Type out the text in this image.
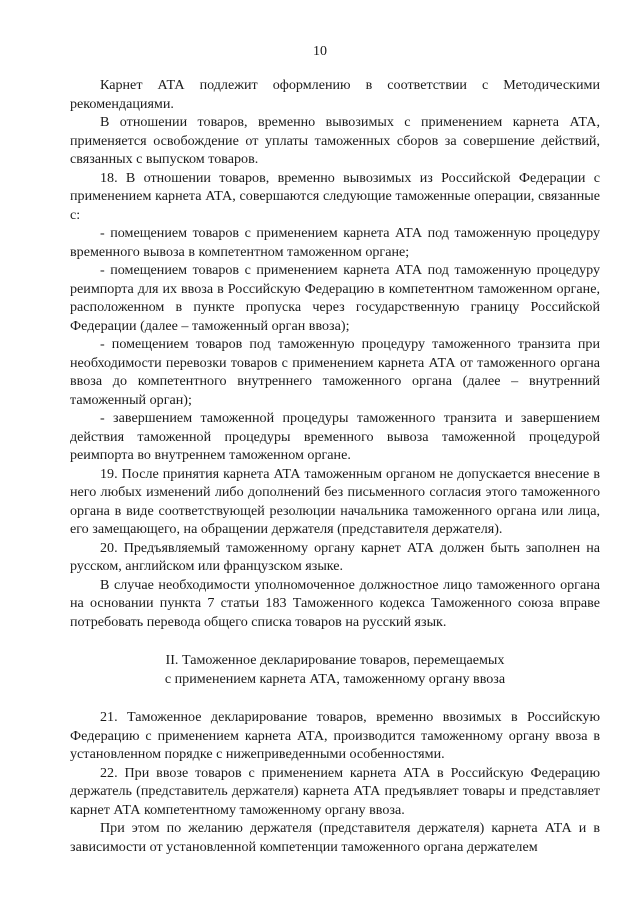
10

Карнет АТА подлежит оформлению в соответствии с Методическими рекомендациями.

В отношении товаров, временно вывозимых с применением карнета АТА, применяется освобождение от уплаты таможенных сборов за совершение действий, связанных с выпуском товаров.

18. В отношении товаров, временно вывозимых из Российской Федерации с применением карнета АТА, совершаются следующие таможенные операции, связанные с:

- помещением товаров с применением карнета АТА под таможенную процедуру временного вывоза в компетентном таможенном органе;

- помещением товаров с применением карнета АТА под таможенную процедуру реимпорта для их ввоза в Российскую Федерацию в компетентном таможенном органе, расположенном в пункте пропуска через государственную границу Российской Федерации (далее – таможенный орган ввоза);

- помещением товаров под таможенную процедуру таможенного транзита при необходимости перевозки товаров с применением карнета АТА от таможенного органа ввоза до компетентного внутреннего таможенного органа (далее – внутренний таможенный орган);

- завершением таможенной процедуры таможенного транзита и завершением действия таможенной процедуры временного вывоза таможенной процедурой реимпорта во внутреннем таможенном органе.

19. После принятия карнета АТА таможенным органом не допускается внесение в него любых изменений либо дополнений без письменного согласия этого таможенного органа в виде соответствующей резолюции начальника таможенного органа или лица, его замещающего, на обращении держателя (представителя держателя).

20. Предъявляемый таможенному органу карнет АТА должен быть заполнен на русском, английском или французском языке.

В случае необходимости уполномоченное должностное лицо таможенного органа на основании пункта 7 статьи 183 Таможенного кодекса Таможенного союза вправе потребовать перевода общего списка товаров на русский язык.

II. Таможенное декларирование товаров, перемещаемых
с применением карнета АТА, таможенному органу ввоза

21. Таможенное декларирование товаров, временно ввозимых в Российскую Федерацию с применением карнета АТА, производится таможенному органу ввоза в установленном порядке с нижеприведенными особенностями.

22. При ввозе товаров с применением карнета АТА в Российскую Федерацию держатель (представитель держателя) карнета АТА предъявляет товары и представляет карнет АТА компетентному таможенному органу ввоза.

При этом по желанию держателя (представителя держателя) карнета АТА и в зависимости от установленной компетенции таможенного органа держателем
